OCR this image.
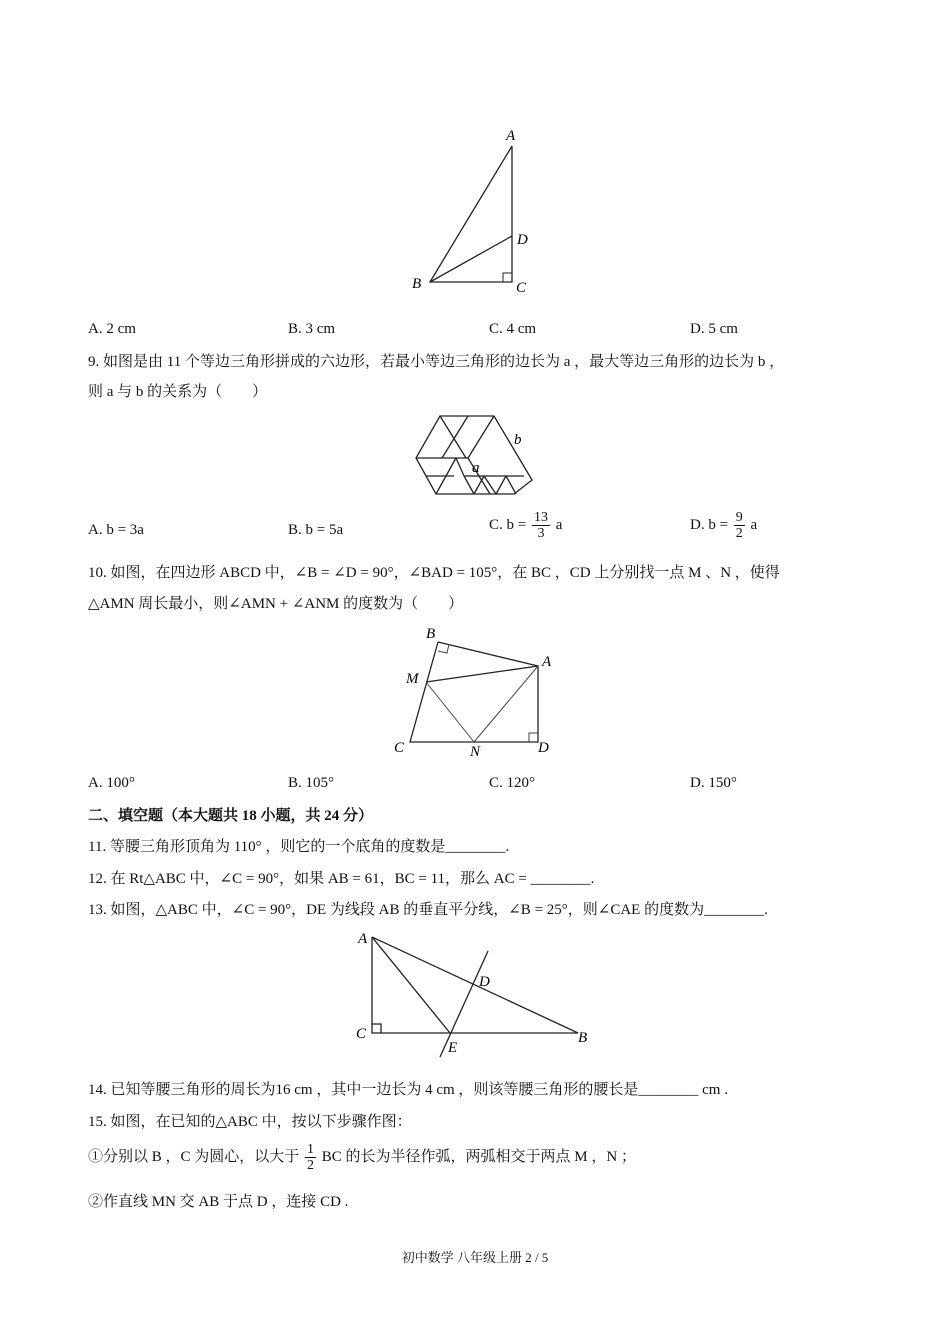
A
D
B	C
A. 2 cm	B. 3 cm	C. 4 cm	D. 5 cm
9. 如图是由 11 个等边三角形拼成的六边形，若最小等边三角形的边长为 a ，最大等边三角形的边长为 b ，
则 a 与 b 的关系为（　　）
a
b
A. b = 3a	B. b = 5a	C. $b = \frac{13}{3}$ a	D. $b = \frac{9}{2}$ a
10. 如图，在四边形 ABCD 中，∠B = ∠D = 90°，∠BAD = 105°，在 BC ，CD 上分别找一点 M 、N ，使得
△AMN 周长最小，则∠AMN + ∠ANM 的度数为（　　）
B
A
M
C	N	D
A. 100°	B. 105°	C. 120°	D. 150°
二、填空题（本大题共 18 小题，共 24 分）
11. 等腰三角形顶角为 110° ，则它的一个底角的度数是________.
12. 在 Rt△ABC 中，∠C = 90°，如果 AB = 61，BC = 11，那么 AC = ________.
13. 如图，△ABC 中，∠C = 90°，DE 为线段 AB 的垂直平分线，∠B = 25°，则∠CAE 的度数为________.
A
D
C
E
B
14. 已知等腰三角形的周长为16 cm ，其中一边长为 4 cm ，则该等腰三角形的腰长是________ cm .
15. 如图，在已知的△ABC 中，按以下步骤作图：
①分别以 B ，C 为圆心，以大于 $\frac{1}{2}$ BC 的长为半径作弧，两弧相交于两点 M ，N ；
②作直线 MN 交 AB 于点 D ，连接 CD .
初中数学 八年级上册 2 / 5
